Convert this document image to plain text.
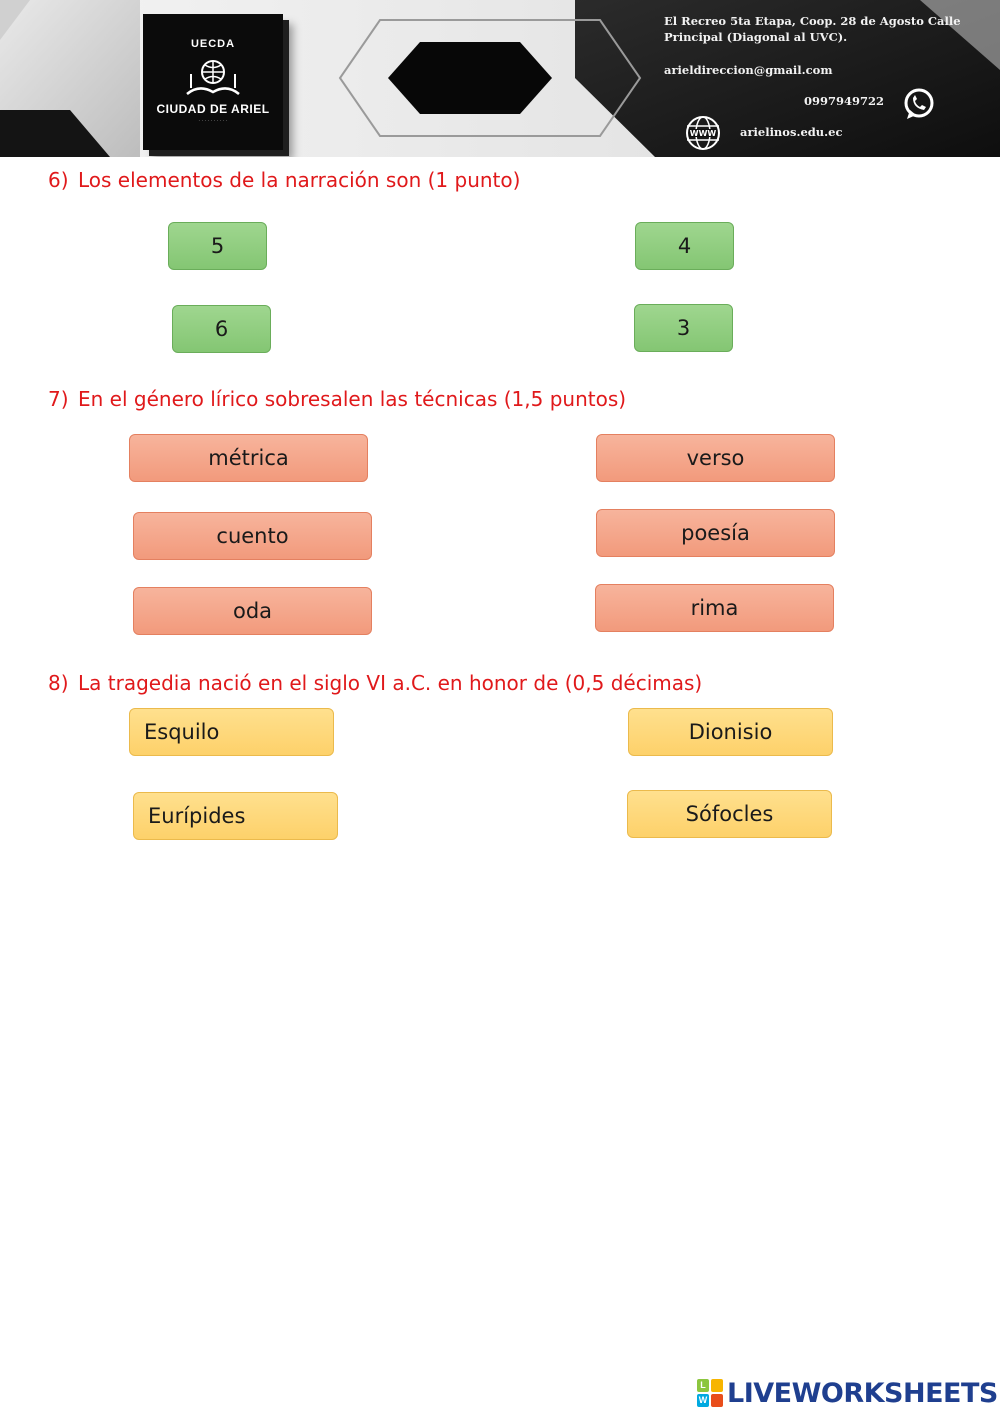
UECDA
CIUDAD DE ARIEL
· · · · · · · · · ·
El Recreo 5ta Etapa, Coop. 28 de Agosto Calle Principal (Diagonal al UVC).
arieldireccion@gmail.com
0997949722
arielinos.edu.ec
WWW
6) Los elementos de la narración son (1 punto)
5	4
6	3
7) En el género lírico sobresalen las técnicas (1,5 puntos)
métrica	verso
cuento	poesía
oda	rima
8) La tragedia nació en el siglo VI a.C. en honor de (0,5 décimas)
Esquilo	Dionisio
Eurípides	Sófocles
L
W LIVEWORKSHEETS
